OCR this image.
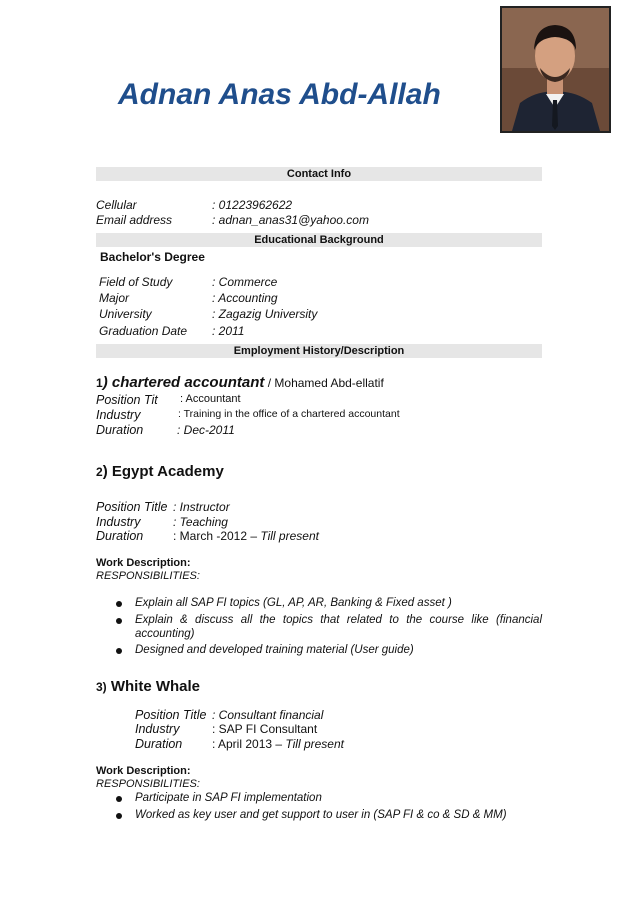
Adnan Anas Abd-Allah
Contact Info
Cellular	: 01223962622
Email address	: adnan_anas31@yahoo.com
Educational Background
Bachelor's Degree
Field of Study	: Commerce
Major	: Accounting
University	: Zagazig University
Graduation Date : 2011
Employment History/Description
1) chartered accountant / Mohamed Abd-ellatif
Position Tit : Accountant
Industry	: Training in the office of a chartered accountant
Duration	: Dec-2011
2) Egypt Academy
Position Title : Instructor
Industry	: Teaching
Duration : March -2012 – Till present
Work Description:
RESPONSIBILITIES:
Explain all SAP FI topics (GL, AP, AR, Banking & Fixed asset )
Explain & discuss all the topics that related to the course like (financial accounting)
Designed and developed training material (User guide)
3) White Whale
Position Title : Consultant financial
Industry	: SAP FI Consultant
Duration : April 2013 – Till present
Work Description:
RESPONSIBILITIES:
Participate in SAP FI implementation
Worked as key user and get support to user in (SAP FI & co & SD & MM)
